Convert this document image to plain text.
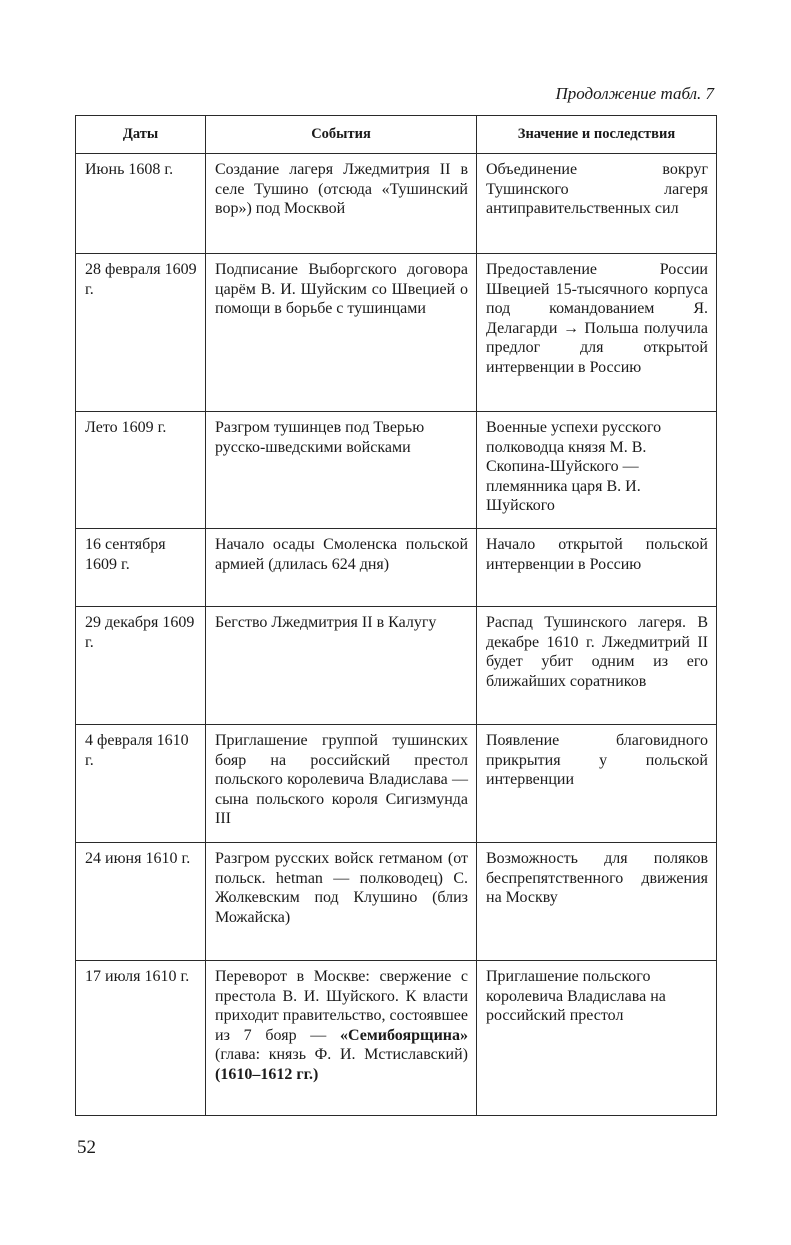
Продолжение табл. 7
Даты	События	Значение и последствия
Июнь 1608 г.	Создание лагеря Лжедмитрия II в селе Тушино (отсюда «Тушинский вор») под Москвой	Объединение вокруг Тушинского лагеря антиправительственных сил
28 февраля 1609 г.	Подписание Выборгского договора царём В. И. Шуйским со Швецией о помощи в борьбе с тушинцами	Предоставление России Швецией 15-тысячного корпуса под командованием Я. Делагарди → Польша получила предлог для открытой интервенции в Россию
Лето 1609 г.	Разгром тушинцев под Тверью русско-шведскими войсками	Военные успехи русского полководца князя М. В. Скопина-Шуйского — племянника царя В. И. Шуйского
16 сентября 1609 г.	Начало осады Смоленска польской армией (длилась 624 дня)	Начало открытой польской интервенции в Россию
29 декабря 1609 г.	Бегство Лжедмитрия II в Калугу	Распад Тушинского лагеря. В декабре 1610 г. Лжедмитрий II будет убит одним из его ближайших соратников
4 февраля 1610 г.	Приглашение группой тушинских бояр на российский престол польского королевича Владислава — сына польского короля Сигизмунда III	Появление благовидного прикрытия у польской интервенции
24 июня 1610 г.	Разгром русских войск гетманом (от польск. hetman — полководец) С. Жолкевским под Клушино (близ Можайска)	Возможность для поляков беспрепятственного движения на Москву
17 июля 1610 г.	Переворот в Москве: свержение с престола В. И. Шуйского. К власти приходит правительство, состоявшее из 7 бояр — «Семибоярщина» (глава: князь Ф. И. Мстиславский) (1610–1612 гг.)	Приглашение польского королевича Владислава на российский престол
52
